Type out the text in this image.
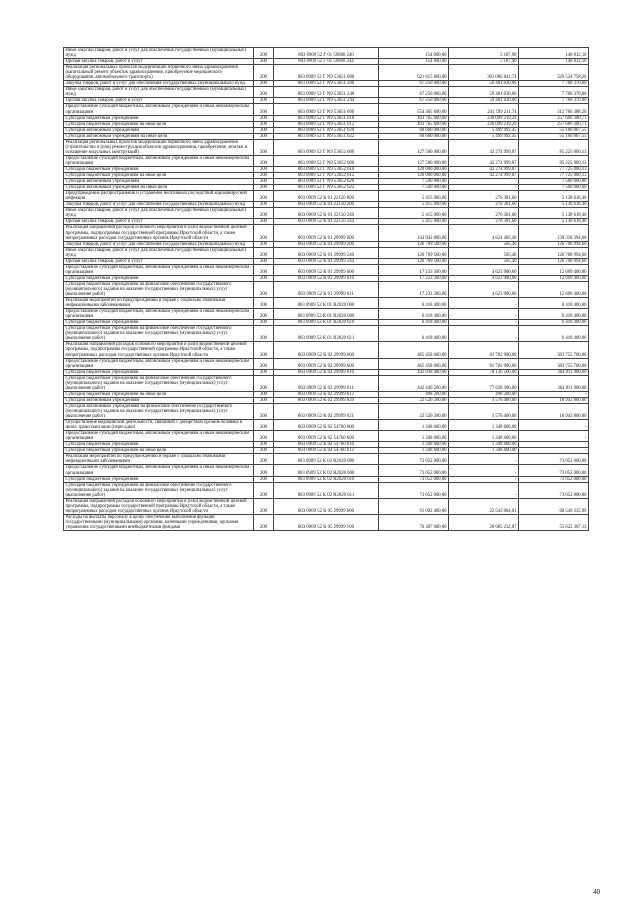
Иные закупки товаров, работ и услуг для обеспечения государственных (муниципальных) нужд	200	803 0909 52 Г 01 59800 240	154 000,00	5 187,90	148 812,10
Прочая закупка товаров, работ и услуг	200	803 0909 52 Г 01 59800 244	154 000,00	5 187,90	148 812,10
Реализация региональных проектов модернизации первичного звена здравоохранения (капитальный ремонт объектов здравоохранения, приобретение медицинского оборудования, автомобильного транспорта)	200	803 0909 52 Г N9 53651 000	621 615 600,00	301 080 841,74	320 534 758,26
Закупка товаров, работ и услуг для обеспечения государственных (муниципальных) нужд	200	803 0909 52 Г N9 53651 200	67 250 000,00	59 481 630,00	7 768 370,00
Иные закупки товаров, работ и услуг для обеспечения государственных (муниципальных) нужд	200	803 0909 52 Г N9 53651 240	67 250 000,00	59 481 630,00	7 768 370,00
Прочая закупка товаров, работ и услуг	200	803 0909 52 Г N9 53651 244	67 250 000,00	59 481 630,00	7 768 370,00
Предоставление субсидий бюджетным, автономным учреждениям и иным некоммерческим организациям	200	803 0909 52 Г N9 53651 600	554 365 600,00	241 599 211,74	312 766 388,26
Субсидии бюджетным учреждениям	200	803 0909 52 Г N9 53651 610	493 765 600,00	236 099 219,29	257 666 380,71
Субсидии бюджетным учреждениям на иные цели	200	803 0909 52 Г N9 53651 612	493 765 600,00	236 099 219,29	257 666 380,71
Субсидии автономным учреждениям	200	803 0909 52 Г N9 53651 620	60 600 000,00	5 499 992,45	55 100 007,55
Субсидии автономным учреждениям на иные цели	200	803 0909 52 Г N9 53651 622	60 600 000,00	5 499 992,45	55 100 007,55
Реализация региональных проектов модернизации первичного звена здравоохранения (строительство и (или) реконструкция объектов здравоохранения, приобретение, монтаж и оснащение модульных конструкций)	200	803 0909 52 Г N9 53652 000	127 500 000,00	42 274 999,87	85 225 000,13
Предоставление субсидий бюджетным, автономным учреждениям и иным некоммерческим организациям	200	803 0909 52 Г N9 53652 600	127 500 000,00	42 274 999,87	85 225 000,13
Субсидии бюджетным учреждениям	200	803 0909 52 Г N9 53652 610	120 000 000,00	42 274 999,87	77 725 000,13
Субсидии бюджетным учреждениям на иные цели	200	803 0909 52 Г N9 53652 612	120 000 000,00	42 274 999,87	77 725 000,13
Субсидии автономным учреждениям	200	803 0909 52 Г N9 53652 620	7 500 000,00	-	7 500 000,00
Субсидии автономным учреждениям на иные цели	200	803 0909 52 Г N9 53652 622	7 500 000,00	-	7 500 000,00
Предупреждение распространения и устранение негативных последствий коронавирусной инфекции	200	803 0909 52 К 01 22150 000	5 415 000,00	276 381,60	5 138 618,40
Закупка товаров, работ и услуг для обеспечения государственных (муниципальных) нужд	200	803 0909 52 К 01 22150 200	5 415 000,00	276 381,60	5 138 618,40
Иные закупки товаров, работ и услуг для обеспечения государственных (муниципальных) нужд	200	803 0909 52 К 01 22150 240	5 415 000,00	276 381,60	5 138 618,40
Прочая закупка товаров, работ и услуг	200	803 0909 52 К 01 22150 244	5 415 000,00	276 381,60	5 138 618,40
Реализация направлений расходов основного мероприятия и (или) ведомственной целевой программы, подпрограммы государственной программы Иркутской области, а также непрограммных расходов государственных органов Иркутской области	200	803 0909 52 К 01 29999 000	143 942 800,00	4 624 405,40	139 318 394,60
Закупка товаров, работ и услуг для обеспечения государственных (муниципальных) нужд	200	803 0909 52 К 01 29999 200	126 709 500,00	505,40	126 708 994,60
Иные закупки товаров, работ и услуг для обеспечения государственных (муниципальных) нужд	200	803 0909 52 К 01 29999 240	126 709 500,00	505,40	126 708 994,60
Прочая закупка товаров, работ и услуг	200	803 0909 52 К 01 29999 244	126 709 500,00	505,40	126 708 994,60
Предоставление субсидий бюджетным, автономным учреждениям и иным некоммерческим организациям	200	803 0909 52 К 01 29999 600	17 233 300,00	4 623 900,00	12 609 400,00
Субсидии бюджетным учреждениям	200	803 0909 52 К 01 29999 610	17 233 300,00	4 623 900,00	12 609 400,00
Субсидии бюджетным учреждениям на финансовое обеспечение государственного (муниципального) задания на оказание государственных (муниципальных) услуг (выполнение работ)	200	803 0909 52 К 01 29999 611	17 233 300,00	4 623 900,00	12 609 400,00
Реализация мероприятий по предупреждению и борьбе с социально значимыми инфекционными заболеваниями	200	803 0909 52 К 01 R2020 000	6 418 400,00	-	6 418 400,00
Предоставление субсидий бюджетным, автономным учреждениям и иным некоммерческим организациям	200	803 0909 52 К 01 R2020 600	6 418 400,00	-	6 418 400,00
Субсидии бюджетным учреждениям	200	803 0909 52 К 01 R2020 610	6 418 400,00	-	6 418 400,00
Субсидии бюджетным учреждениям на финансовое обеспечение государственного (муниципального) задания на оказание государственных (муниципальных) услуг (выполнение работ)	200	803 0909 52 К 01 R2020 611	6 418 400,00	-	6 418 400,00
Реализация направлений расходов основного мероприятия и (или) ведомственной целевой программы, подпрограммы государственной программы Иркутской области, а также непрограммных расходов государственных органов Иркутской области	200	803 0909 52 К 02 29999 000	465 458 600,00	81 702 900,00	383 755 700,00
Предоставление субсидий бюджетным, автономным учреждениям и иным некоммерческим организациям	200	803 0909 52 К 02 29999 600	465 458 600,00	81 702 900,00	383 755 700,00
Субсидии бюджетным учреждениям	200	803 0909 52 К 02 29999 610	442 938 400,00	78 126 500,00	364 811 900,00
Субсидии бюджетным учреждениям на финансовое обеспечение государственного (муниципального) задания на оказание государственных (муниципальных) услуг (выполнение работ)	200	803 0909 52 К 02 29999 611	442 440 200,00	77 628 300,00	364 811 900,00
Субсидии бюджетным учреждениям на иные цели	200	803 0909 52 К 02 29999 612	498 200,00	498 200,00	-
Субсидии автономным учреждениям	200	803 0909 52 К 02 29999 620	22 520 200,00	3 576 400,00	18 943 800,00
Субсидии автономным учреждениям на финансовое обеспечение государственного (муниципального) задания на оказание государственных (муниципальных) услуг (выполнение работ)	200	803 0909 52 К 02 29999 621	22 520 200,00	3 576 400,00	18 943 800,00
Осуществление медицинской деятельности, связанной с донорством органов человека в целях трансплантации (пересадки)	200	803 0909 52 К 02 54760 000	1 348 600,00	1 348 600,00	-
Предоставление субсидий бюджетным, автономным учреждениям и иным некоммерческим организациям	200	803 0909 52 К 02 54760 600	1 348 600,00	1 348 600,00	-
Субсидии бюджетным учреждениям	200	803 0909 52 К 02 54760 610	1 348 600,00	1 348 600,00	-
Субсидии бюджетным учреждениям на иные цели	200	803 0909 52 К 02 54760 612	1 348 600,00	1 348 600,00	-
Реализация мероприятий по предупреждению и борьбе с социально значимыми инфекционными заболеваниями	200	803 0909 52 К 02 R2020 000	73 052 000,00	-	73 052 000,00
Предоставление субсидий бюджетным, автономным учреждениям и иным некоммерческим организациям	200	803 0909 52 К 02 R2020 600	73 052 000,00	-	73 052 000,00
Субсидии бюджетным учреждениям	200	803 0909 52 К 02 R2020 610	73 052 000,00	-	73 052 000,00
Субсидии бюджетным учреждениям на финансовое обеспечение государственного (муниципального) задания на оказание государственных (муниципальных) услуг (выполнение работ)	200	803 0909 52 К 02 R2020 611	73 052 000,00	-	73 052 000,00
Реализация направлений расходов основного мероприятия и (или) ведомственной целевой программы, подпрограммы государственной программы Иркутской области, а также непрограммных расходов государственных органов Иркутской области	200	803 0909 52 К 05 29999 000	91 092 400,00	22 543 064,01	68 549 335,99
Расходы на выплаты персоналу в целях обеспечения выполнения функций государственными (муниципальными) органами, казенными учреждениями, органами управления государственными внебюджетными фондами	200	803 0909 52 К 05 29999 100	76 307 600,00	20 685 232,87	55 622 367,13
40
